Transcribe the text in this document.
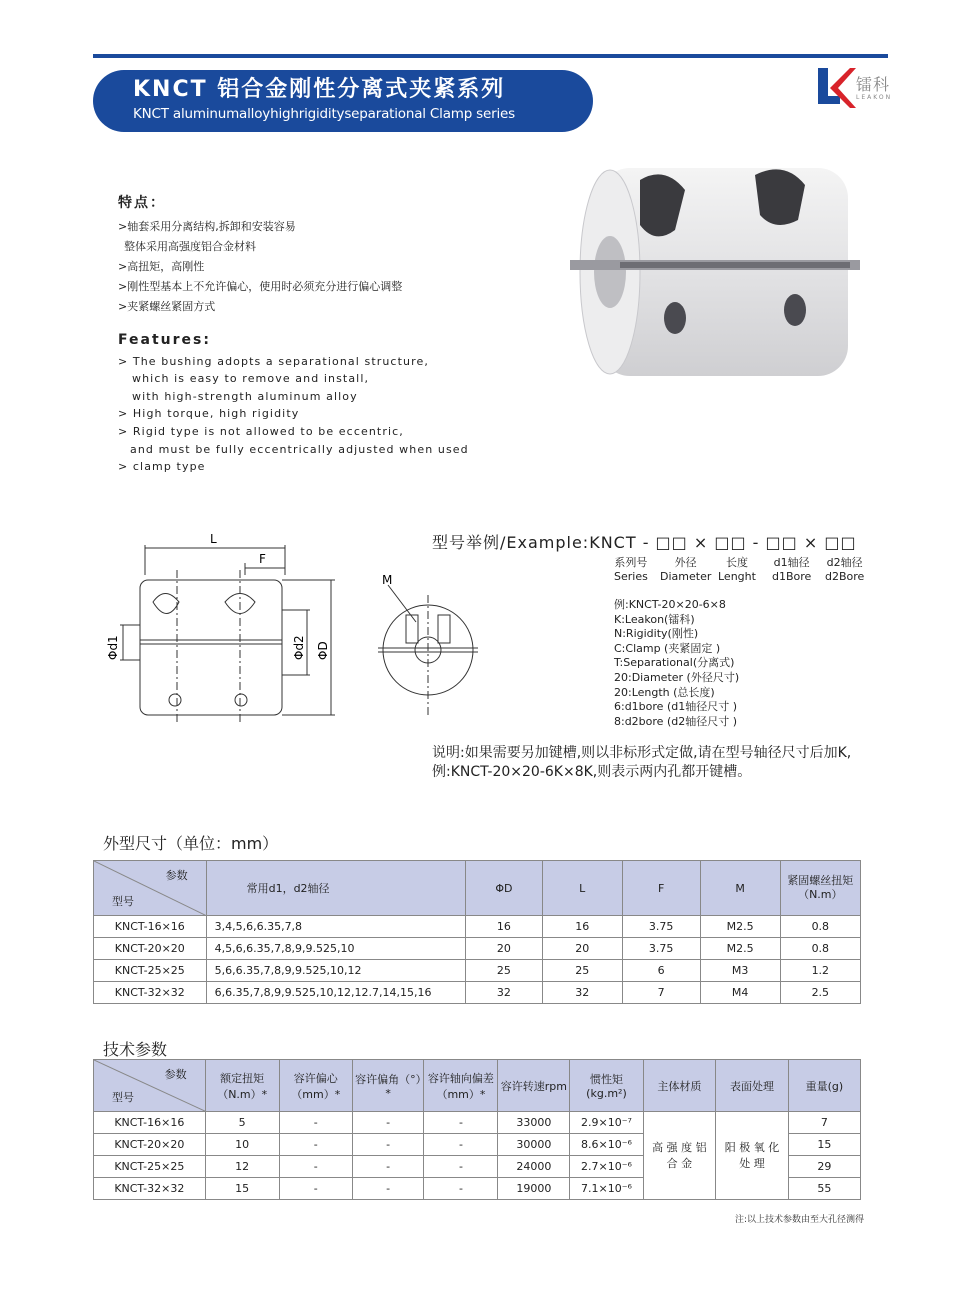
KNCT 铝合金刚性分离式夹紧系列
KNCT aluminumalloyhighrigidityseparational Clamp series
镭科
LEAKON
特点：
>轴套采用分离结构,拆卸和安装容易
整体采用高强度铝合金材料
>高扭矩，高刚性
>刚性型基本上不允许偏心，使用时必须充分进行偏心调整
>夹紧螺丝紧固方式
Features:
> The bushing adopts a separational structure,
which is easy to remove and install,
with high-strength aluminum alloy
> High torque, high rigidity
> Rigid type is not allowed to be eccentric,
and must be fully eccentrically adjusted when used
> clamp type
L
F
Φd1	Φd2 ΦD
M
型号举例/Example:KNCT - □□ × □□ - □□ × □□
系列号
Series
外径
Diameter
长度
Lenght
d1轴径
d1Bore
d2轴径
d2Bore
例:KNCT-20×20-6×8
K:Leakon(镭科)
N:Rigidity(刚性)
C:Clamp (夹紧固定 )
T:Separational(分离式)
20:Diameter (外径尺寸)
20:Length (总长度)
6:d1bore (d1轴径尺寸 )
8:d2bore (d2轴径尺寸 )
说明:如果需要另加键槽,则以非标形式定做,请在型号轴径尺寸后加K,
例:KNCT-20×20-6K×8K,则表示两内孔都开键槽。
外型尺寸（单位：mm）
参数
型号	常用d1，d2轴径	ΦD	L	F	M	紧固螺丝扭矩（N.m）
KNCT-16×16	3,4,5,6,6.35,7,8	16	16	3.75	M2.5	0.8
KNCT-20×20	4,5,6,6.35,7,8,9,9.525,10	20	20	3.75	M2.5	0.8
KNCT-25×25	5,6,6.35,7,8,9,9.525,10,12	25	25	6	M3	1.2
KNCT-32×32	6,6.35,7,8,9,9.525,10,12,12.7,14,15,16	32	32	7	M4	2.5
技术参数
参数
型号	额定扭矩（N.m）*	容许偏心（mm）*	容许偏角（°）*	容许轴向偏差（mm）*	容许转速rpm	惯性矩(kg.m²)	主体材质	表面处理	重量(g)
KNCT-16×16	5	-	-	-	33000	2.9×10⁻⁷	高 强 度 铝 合 金	阳 极 氧 化 处 理	7
KNCT-20×20	10	-	-	-	30000	8.6×10⁻⁶			15
KNCT-25×25	12	-	-	-	24000	2.7×10⁻⁶			29
KNCT-32×32	15	-	-	-	19000	7.1×10⁻⁶			55
注:以上技术参数由至大孔径测得
